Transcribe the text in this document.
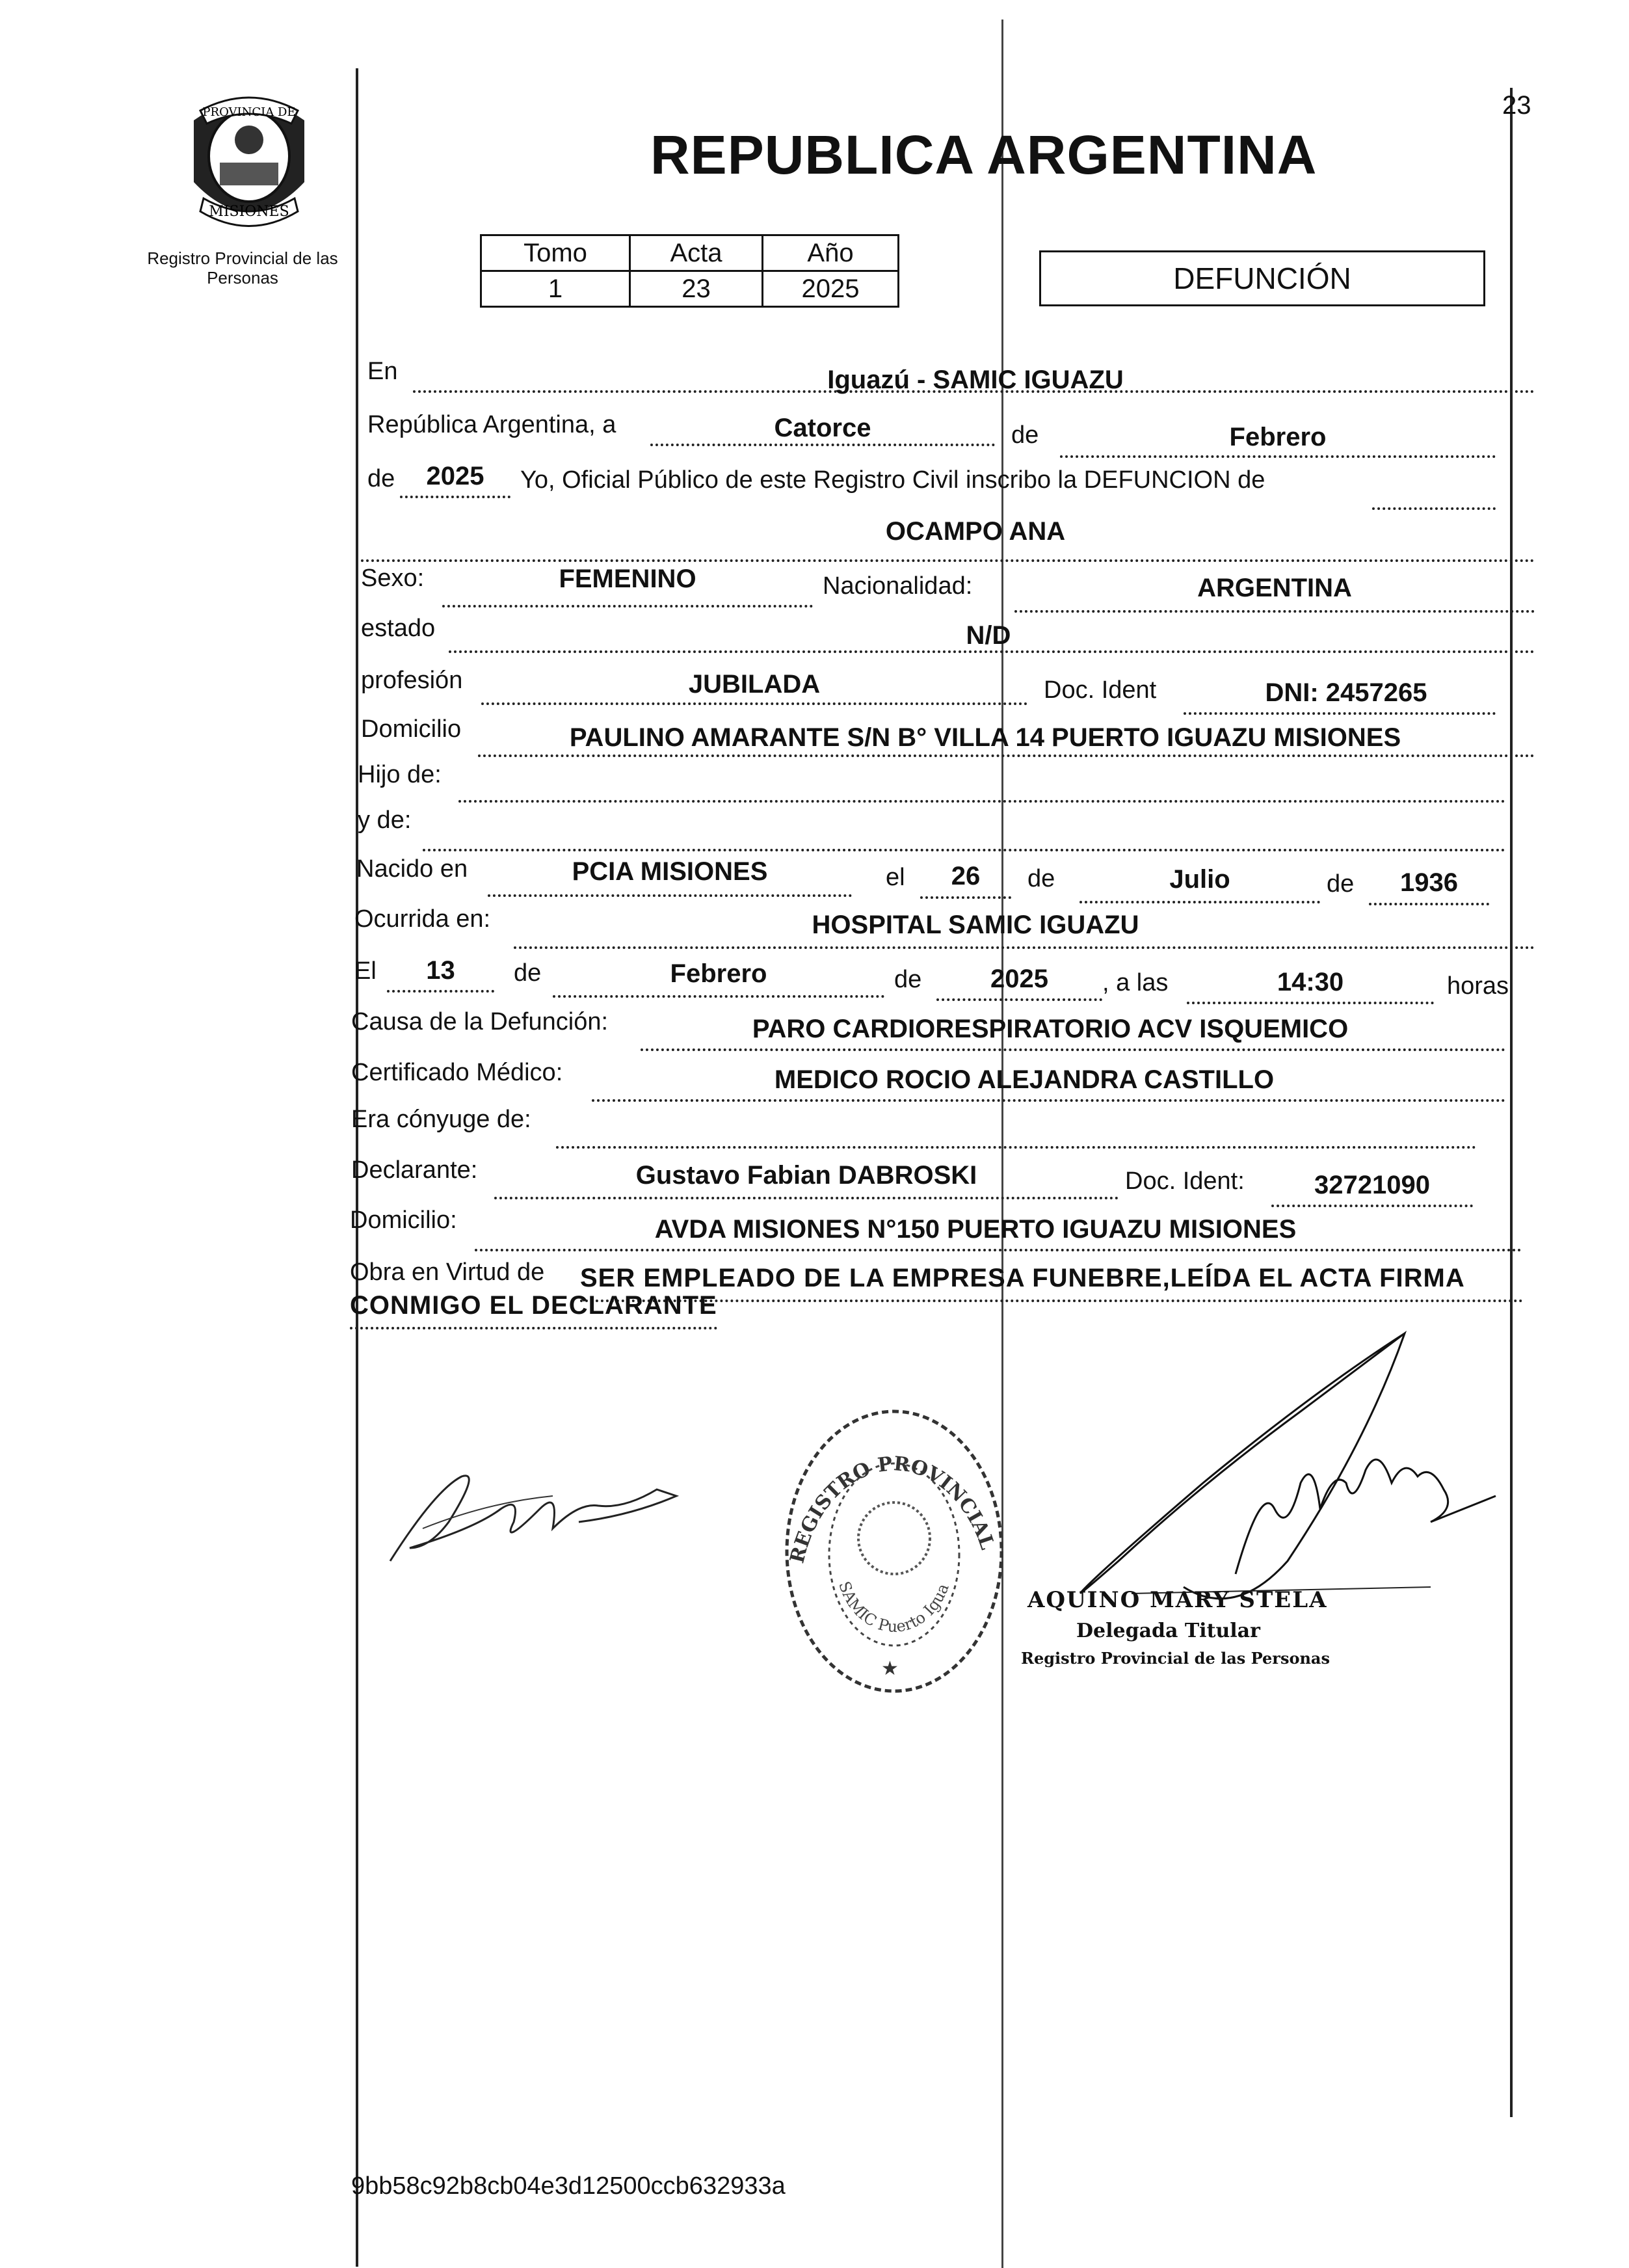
23
REPUBLICA ARGENTINA
PROVINCIA DE
MISIONES
Registro Provincial de las Personas
Tomo	Acta	Año
1	23	2025	DEFUNCIÓN
En	Iguazú - SAMIC IGUAZU
República Argentina, a	Catorce	de	Febrero
de	2025	Yo, Oficial Público de este Registro Civil inscribo la DEFUNCION de
OCAMPO ANA
Sexo:	FEMENINO	Nacionalidad:	ARGENTINA
estado	N/D
profesión	JUBILADA	Doc. Ident	DNI: 2457265
Domicilio	PAULINO AMARANTE S/N B° VILLA 14 PUERTO IGUAZU MISIONES
Hijo de:
y de:
Nacido en	PCIA MISIONES	el	26	de	Julio	de	1936
Ocurrida en:	HOSPITAL SAMIC IGUAZU
El	13	de	Febrero	de	2025	, a las	14:30	horas
Causa de la Defunción:	PARO CARDIORESPIRATORIO ACV ISQUEMICO
Certificado Médico:	MEDICO ROCIO ALEJANDRA CASTILLO
Era cónyuge de:
Declarante:	Gustavo Fabian DABROSKI	Doc. Ident:	32721090
Domicilio:	AVDA MISIONES N°150 PUERTO IGUAZU MISIONES
Obra en Virtud de SER EMPLEADO DE LA EMPRESA FUNEBRE,LEÍDA EL ACTA FIRMA
CONMIGO EL DECLARANTE
REGISTRO PROVINCIAL
SAMIC Puerto Igua
★
AQUINO MARY STELA
Delegada Titular
Registro Provincial de las Personas
9bb58c92b8cb04e3d12500ccb632933a
